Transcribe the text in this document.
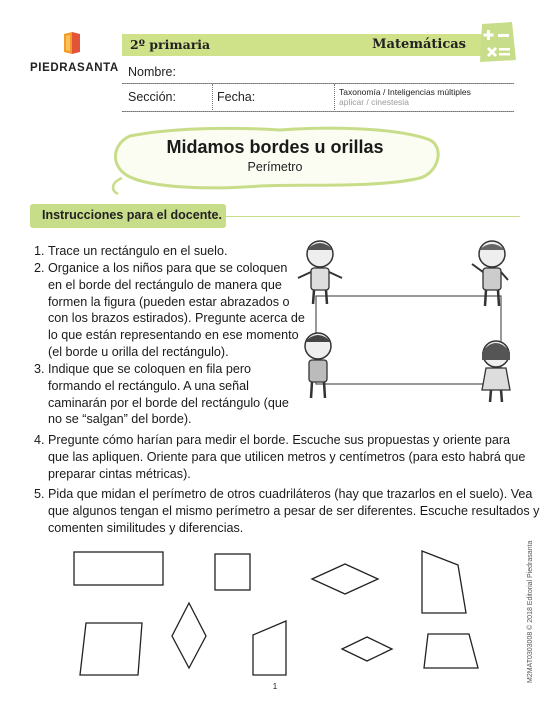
PIEDRASANTA
2º primaria	Matemáticas
Nombre:
Sección:	Fecha:	Taxonomía / Inteligencias múltiples
aplicar / cinestesia
Midamos bordes u orillas
Perímetro
Instrucciones para el docente.
1. Trace un rectángulo en el suelo.
2. Organice a los niños para que se coloquen
en el borde del rectángulo de manera que
formen la figura (pueden estar abrazados o
con los brazos estirados). Pregunte acerca de
lo que están representando en ese momento
(el borde u orilla del rectángulo).
3. Indique que se coloquen en fila pero
formando el rectángulo. A una señal
caminarán por el borde del rectángulo (que
no se “salgan” del borde).
4. Pregunte cómo harían para medir el borde. Escuche sus propuestas y oriente para
que las apliquen. Oriente para que utilicen metros y centímetros (para esto habrá que
preparar cintas métricas).
5. Pida que midan el perímetro de otros cuadriláteros (hay que trazarlos en el suelo). Vea
que algunos tengan el mismo perímetro a pesar de ser diferentes. Escuche resultados y
comenten similitudes y diferencias.
1
M2MAT0303008 © 2018 Editorial Piedrasanta
